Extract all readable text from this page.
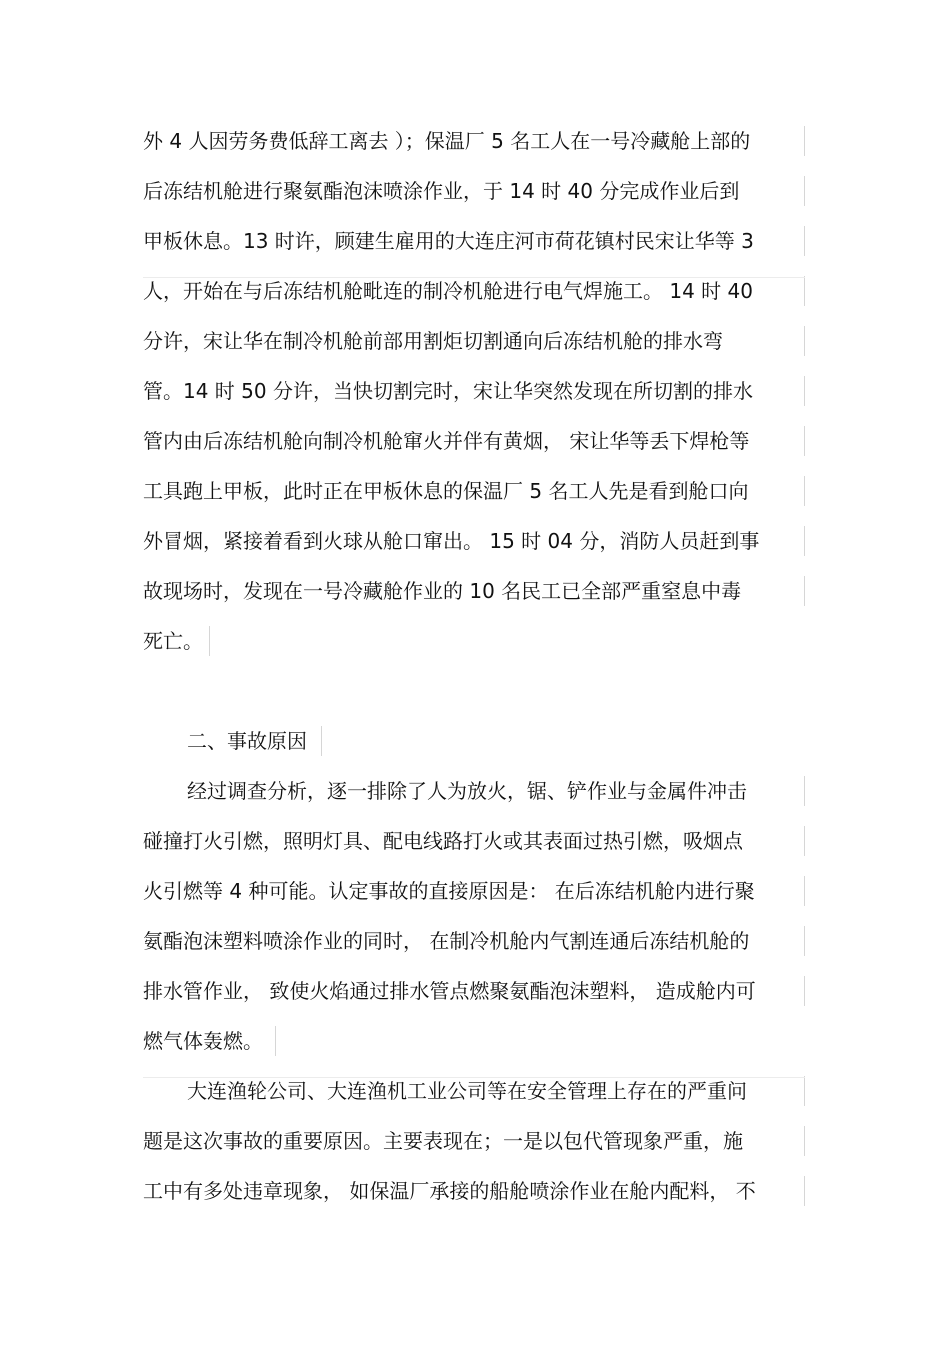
外 4 人因劳务费低辞工离去 ）；保温厂 5 名工人在一号冷藏舱上部的
后冻结机舱进行聚氨酯泡沫喷涂作业，于 14 时 40 分完成作业后到
甲板休息。13 时许，顾建生雇用的大连庄河市荷花镇村民宋让华等 3
人，开始在与后冻结机舱毗连的制冷机舱进行电气焊施工。 14 时 40
分许，宋让华在制冷机舱前部用割炬切割通向后冻结机舱的排水弯
管。14 时 50 分许，当快切割完时，宋让华突然发现在所切割的排水
管内由后冻结机舱向制冷机舱窜火并伴有黄烟， 宋让华等丢下焊枪等
工具跑上甲板，此时正在甲板休息的保温厂 5 名工人先是看到舱口向
外冒烟，紧接着看到火球从舱口窜出。 15 时 04 分，消防人员赶到事
故现场时，发现在一号冷藏舱作业的 10 名民工已全部严重窒息中毒
死亡。
二、事故原因
经过调查分析，逐一排除了人为放火，锯、铲作业与金属件冲击
碰撞打火引燃，照明灯具、配电线路打火或其表面过热引燃，吸烟点
火引燃等 4 种可能。认定事故的直接原因是： 在后冻结机舱内进行聚
氨酯泡沫塑料喷涂作业的同时， 在制冷机舱内气割连通后冻结机舱的
排水管作业， 致使火焰通过排水管点燃聚氨酯泡沫塑料， 造成舱内可
燃气体轰燃。
大连渔轮公司、大连渔机工业公司等在安全管理上存在的严重问
题是这次事故的重要原因。主要表现在；一是以包代管现象严重，施
工中有多处违章现象， 如保温厂承接的船舱喷涂作业在舱内配料， 不
